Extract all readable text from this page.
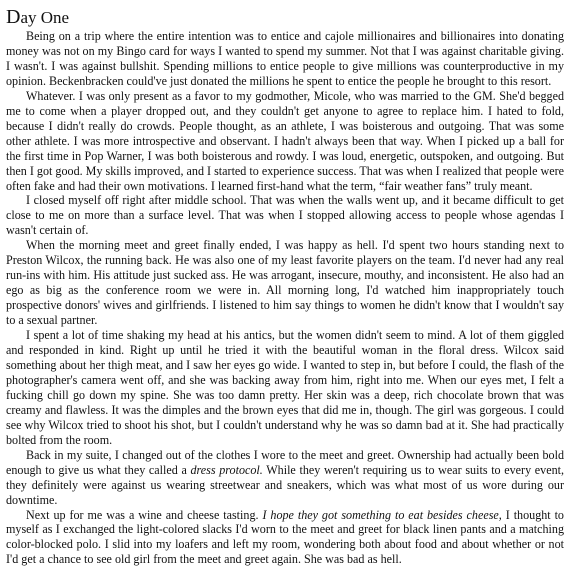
Day One

Being on a trip where the entire intention was to entice and cajole millionaires and billionaires into donating money was not on my Bingo card for ways I wanted to spend my summer. Not that I was against charitable giving. I wasn't. I was against bullshit. Spending millions to entice people to give millions was counterproductive in my opinion. Beckenbracken could've just donated the millions he spent to entice the people he brought to this resort.

Whatever. I was only present as a favor to my godmother, Micole, who was married to the GM. She'd begged me to come when a player dropped out, and they couldn't get anyone to agree to replace him. I hated to fold, because I didn't really do crowds. People thought, as an athlete, I was boisterous and outgoing. That was some other athlete. I was more introspective and observant. I hadn't always been that way. When I picked up a ball for the first time in Pop Warner, I was both boisterous and rowdy. I was loud, energetic, outspoken, and outgoing. But then I got good. My skills improved, and I started to experience success. That was when I realized that people were often fake and had their own motivations. I learned first-hand what the term, “fair weather fans” truly meant.

I closed myself off right after middle school. That was when the walls went up, and it became difficult to get close to me on more than a surface level. That was when I stopped allowing access to people whose agendas I wasn't certain of.

When the morning meet and greet finally ended, I was happy as hell. I'd spent two hours standing next to Preston Wilcox, the running back. He was also one of my least favorite players on the team. I'd never had any real run-ins with him. His attitude just sucked ass. He was arrogant, insecure, mouthy, and inconsistent. He also had an ego as big as the conference room we were in. All morning long, I'd watched him inappropriately touch prospective donors' wives and girlfriends. I listened to him say things to women he didn't know that I wouldn't say to a sexual partner.

I spent a lot of time shaking my head at his antics, but the women didn't seem to mind. A lot of them giggled and responded in kind. Right up until he tried it with the beautiful woman in the floral dress. Wilcox said something about her thigh meat, and I saw her eyes go wide. I wanted to step in, but before I could, the flash of the photographer's camera went off, and she was backing away from him, right into me. When our eyes met, I felt a fucking chill go down my spine. She was too damn pretty. Her skin was a deep, rich chocolate brown that was creamy and flawless. It was the dimples and the brown eyes that did me in, though. The girl was gorgeous. I could see why Wilcox tried to shoot his shot, but I couldn't understand why he was so damn bad at it. She had practically bolted from the room.

Back in my suite, I changed out of the clothes I wore to the meet and greet. Ownership had actually been bold enough to give us what they called a dress protocol. While they weren't requiring us to wear suits to every event, they definitely were against us wearing streetwear and sneakers, which was what most of us wore during our downtime.

Next up for me was a wine and cheese tasting. I hope they got something to eat besides cheese, I thought to myself as I exchanged the light-colored slacks I'd worn to the meet and greet for black linen pants and a matching color-blocked polo. I slid into my loafers and left my room, wondering both about food and about whether or not I'd get a chance to see old girl from the meet and greet again. She was bad as hell.
